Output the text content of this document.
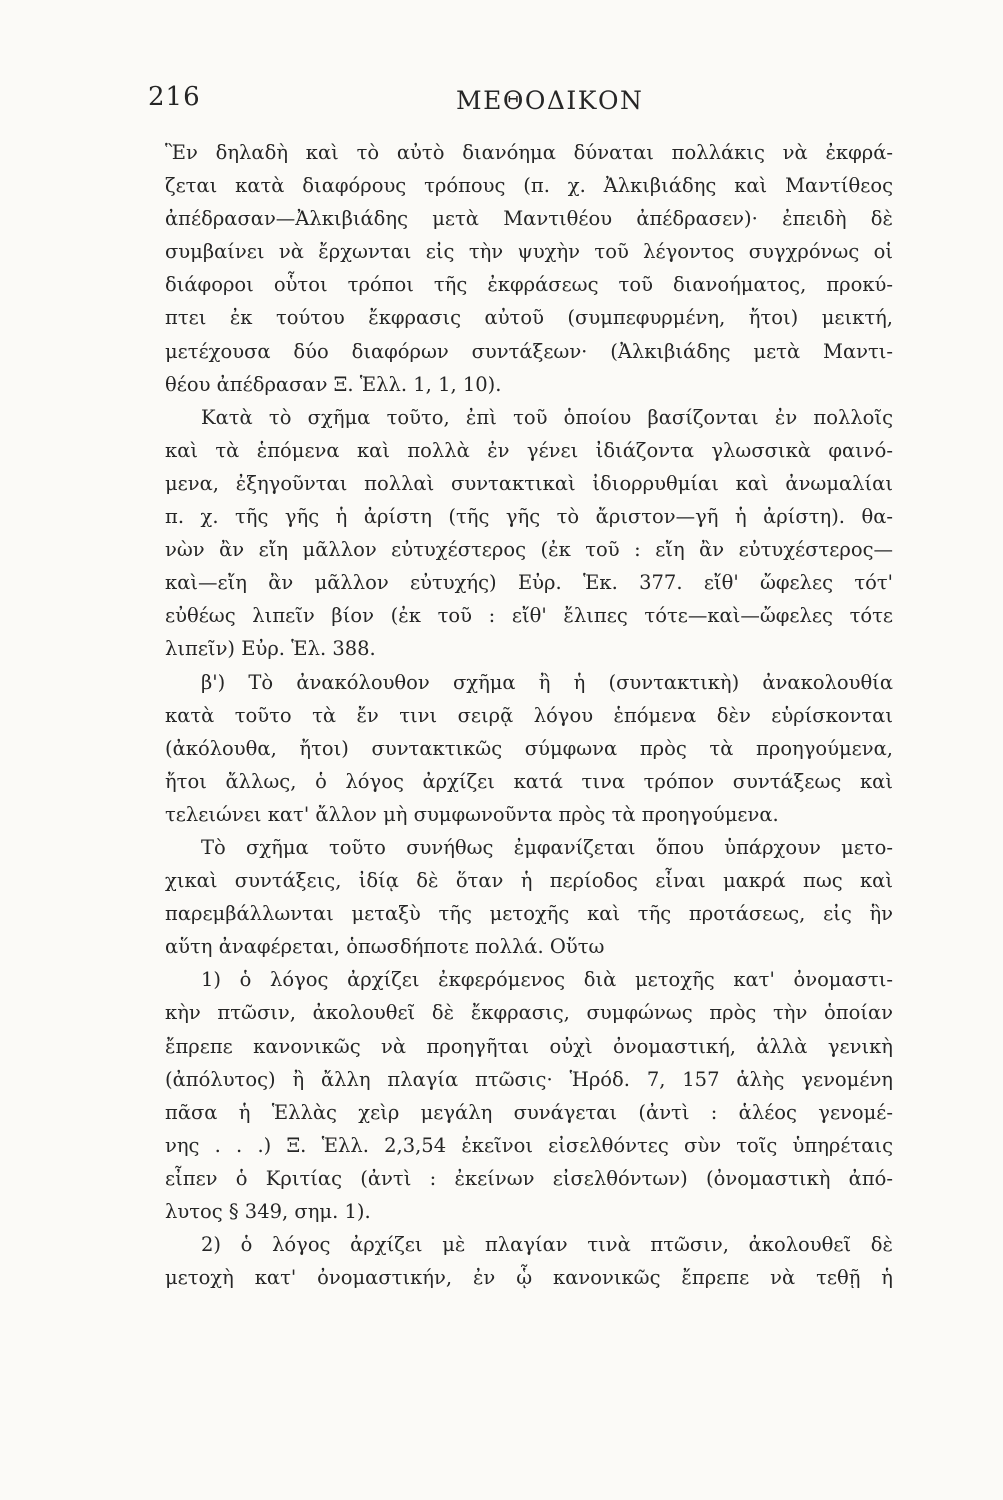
216	ΜΕΘΟΔΙΚΟΝ
Ἓν δηλαδὴ καὶ τὸ αὐτὸ διανόημα δύναται πολλάκις νὰ ἐκφρά-
ζεται κατὰ διαφόρους τρόπους (π. χ. Ἀλκιβιάδης καὶ Μαντίθεος
ἀπέδρασαν—Ἀλκιβιάδης μετὰ Μαντιθέου ἀπέδρασεν)· ἐπειδὴ δὲ
συμβαίνει νὰ ἔρχωνται εἰς τὴν ψυχὴν τοῦ λέγοντος συγχρόνως οἱ
διάφοροι οὗτοι τρόποι τῆς ἐκφράσεως τοῦ διανοήματος, προκύ-
πτει ἐκ τούτου ἔκφρασις αὐτοῦ (συμπεφυρμένη, ἤτοι) μεικτή,
μετέχουσα δύο διαφόρων συντάξεων· (Ἀλκιβιάδης μετὰ Μαντι-
θέου ἀπέδρασαν Ξ. Ἑλλ. 1, 1, 10).
Κατὰ τὸ σχῆμα τοῦτο, ἐπὶ τοῦ ὁποίου βασίζονται ἐν πολλοῖς
καὶ τὰ ἑπόμενα καὶ πολλὰ ἐν γένει ἰδιάζοντα γλωσσικὰ φαινό-
μενα, ἐξηγοῦνται πολλαὶ συντακτικαὶ ἰδιορρυθμίαι καὶ ἀνωμαλίαι
π. χ. τῆς γῆς ἡ ἀρίστη (τῆς γῆς τὸ ἄριστον—γῆ ἡ ἀρίστη). θα-
νὼν ἂν εἴη μᾶλλον εὐτυχέστερος (ἐκ τοῦ : εἴη ἂν εὐτυχέστερος—
καὶ—εἴη ἂν μᾶλλον εὐτυχής) Εὐρ. Ἑκ. 377. εἴθ' ὤφελες τότ'
εὐθέως λιπεῖν βίον (ἐκ τοῦ : εἴθ' ἔλιπες τότε—καὶ—ὤφελες τότε
λιπεῖν) Εὐρ. Ἑλ. 388.
β') Τὸ ἀνακόλουθον σχῆμα ἢ ἡ (συντακτικὴ) ἀνακολουθία
κατὰ τοῦτο τὰ ἔν τινι σειρᾷ λόγου ἑπόμενα δὲν εὑρίσκονται
(ἀκόλουθα, ἤτοι) συντακτικῶς σύμφωνα πρὸς τὰ προηγούμενα,
ἤτοι ἄλλως, ὁ λόγος ἀρχίζει κατά τινα τρόπον συντάξεως καὶ
τελειώνει κατ' ἄλλον μὴ συμφωνοῦντα πρὸς τὰ προηγούμενα.
Τὸ σχῆμα τοῦτο συνήθως ἐμφανίζεται ὅπου ὑπάρχουν μετο-
χικαὶ συντάξεις, ἰδίᾳ δὲ ὅταν ἡ περίοδος εἶναι μακρά πως καὶ
παρεμβάλλωνται μεταξὺ τῆς μετοχῆς καὶ τῆς προτάσεως, εἰς ἣν
αὕτη ἀναφέρεται, ὁπωσδήποτε πολλά. Οὕτω
1) ὁ λόγος ἀρχίζει ἐκφερόμενος διὰ μετοχῆς κατ' ὀνομαστι-
κὴν πτῶσιν, ἀκολουθεῖ δὲ ἔκφρασις, συμφώνως πρὸς τὴν ὁποίαν
ἔπρεπε κανονικῶς νὰ προηγῆται οὐχὶ ὀνομαστική, ἀλλὰ γενικὴ
(ἀπόλυτος) ἢ ἄλλη πλαγία πτῶσις· Ἡρόδ. 7, 157 ἁλὴς γενομένη
πᾶσα ἡ Ἑλλὰς χεὶρ μεγάλη συνάγεται (ἀντὶ : ἁλέος γενομέ-
νης . . .) Ξ. Ἑλλ. 2,3,54 ἐκεῖνοι εἰσελθόντες σὺν τοῖς ὑπηρέταις
εἶπεν ὁ Κριτίας (ἀντὶ : ἐκείνων εἰσελθόντων) (ὀνομαστικὴ ἀπό-
λυτος § 349, σημ. 1).
2) ὁ λόγος ἀρχίζει μὲ πλαγίαν τινὰ πτῶσιν, ἀκολουθεῖ δὲ
μετοχὴ κατ' ὀνομαστικήν, ἐν ᾧ κανονικῶς ἔπρεπε νὰ τεθῇ ἡ
